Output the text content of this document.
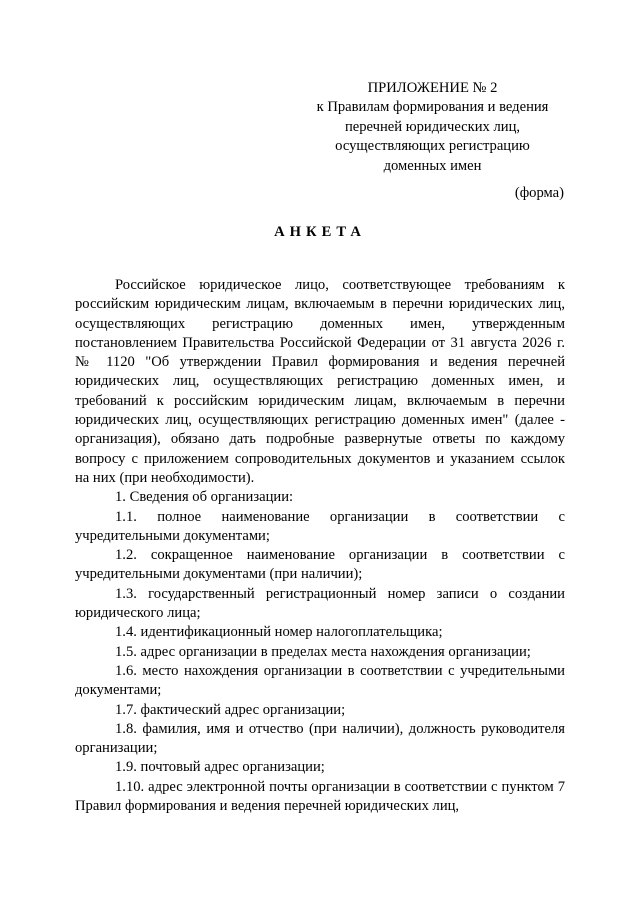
ПРИЛОЖЕНИЕ № 2
к Правилам формирования и ведения
перечней юридических лиц,
осуществляющих регистрацию
доменных имен
(форма)
АНКЕТА

Российское юридическое лицо, соответствующее требованиям к российским юридическим лицам, включаемым в перечни юридических лиц, осуществляющих регистрацию доменных имен, утвержденным постановлением Правительства Российской Федерации от 31 августа 2026 г. № 1120 "Об утверждении Правил формирования и ведения перечней юридических лиц, осуществляющих регистрацию доменных имен, и требований к российским юридическим лицам, включаемым в перечни юридических лиц, осуществляющих регистрацию доменных имен" (далее - организация), обязано дать подробные развернутые ответы по каждому вопросу с приложением сопроводительных документов и указанием ссылок на них (при необходимости).

1. Сведения об организации:

1.1. полное наименование организации в соответствии с учредительными документами;

1.2. сокращенное наименование организации в соответствии с учредительными документами (при наличии);

1.3. государственный регистрационный номер записи о создании юридического лица;

1.4. идентификационный номер налогоплательщика;

1.5. адрес организации в пределах места нахождения организации;

1.6. место нахождения организации в соответствии с учредительными документами;

1.7. фактический адрес организации;

1.8. фамилия, имя и отчество (при наличии), должность руководителя организации;

1.9. почтовый адрес организации;

1.10. адрес электронной почты организации в соответствии с пунктом 7 Правил формирования и ведения перечней юридических лиц,
